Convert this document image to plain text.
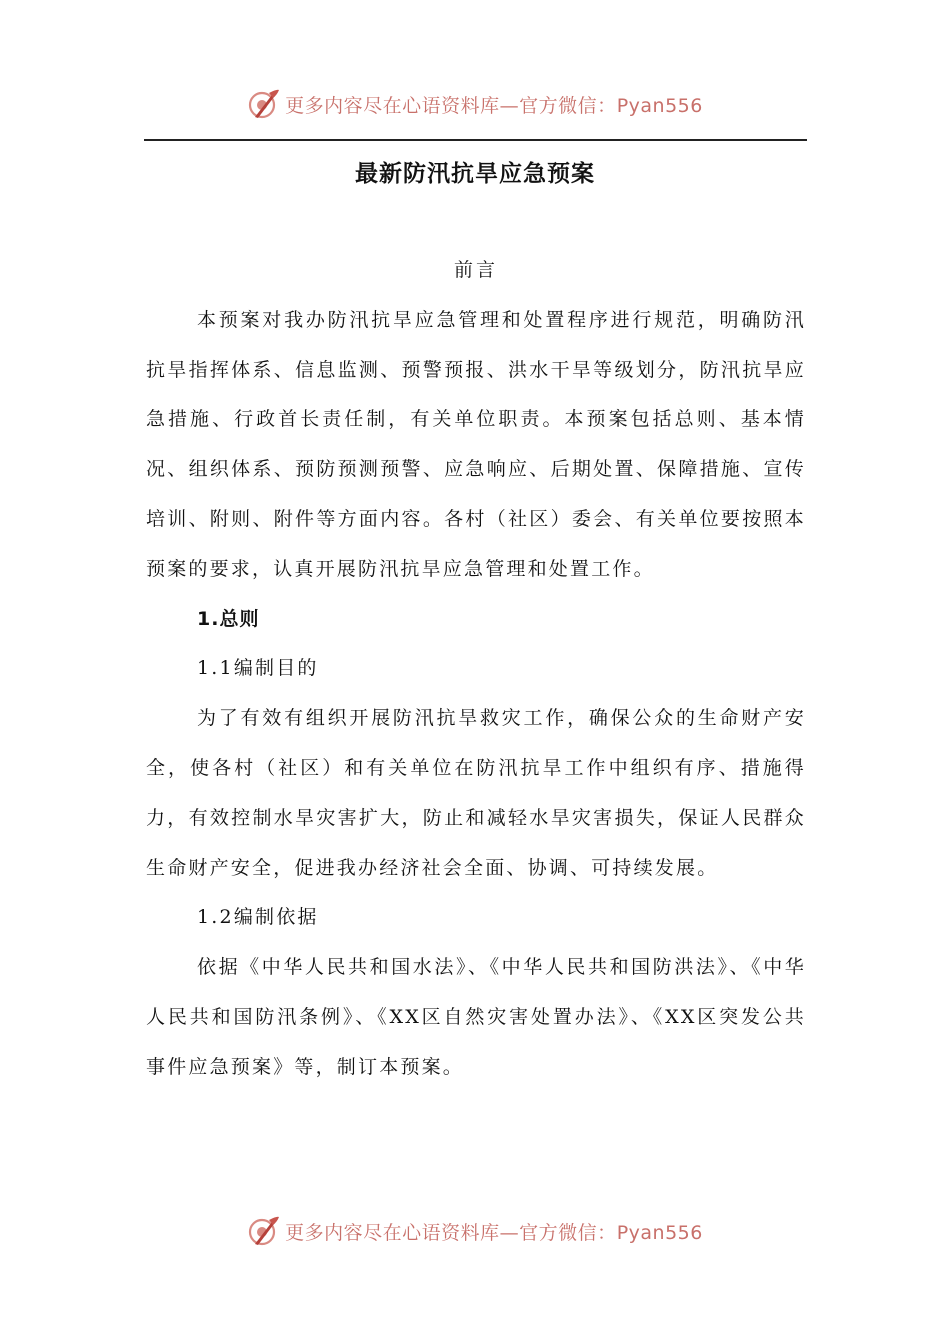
更多内容尽在心语资料库—官方微信：Pyan556
最新防汛抗旱应急预案

前言

本预案对我办防汛抗旱应急管理和处置程序进行规范，明确防汛抗旱指挥体系、信息监测、预警预报、洪水干旱等级划分，防汛抗旱应急措施、行政首长责任制，有关单位职责。本预案包括总则、基本情况、组织体系、预防预测预警、应急响应、后期处置、保障措施、宣传培训、附则、附件等方面内容。各村（社区）委会、有关单位要按照本预案的要求，认真开展防汛抗旱应急管理和处置工作。

1.总则

1.1编制目的

为了有效有组织开展防汛抗旱救灾工作，确保公众的生命财产安全，使各村（社区）和有关单位在防汛抗旱工作中组织有序、措施得力，有效控制水旱灾害扩大，防止和减轻水旱灾害损失，保证人民群众生命财产安全，促进我办经济社会全面、协调、可持续发展。

1.2编制依据

依据《中华人民共和国水法》、《中华人民共和国防洪法》、《中华人民共和国防汛条例》、《XX区自然灾害处置办法》、《XX区突发公共事件应急预案》等，制订本预案。

更多内容尽在心语资料库—官方微信：Pyan556
